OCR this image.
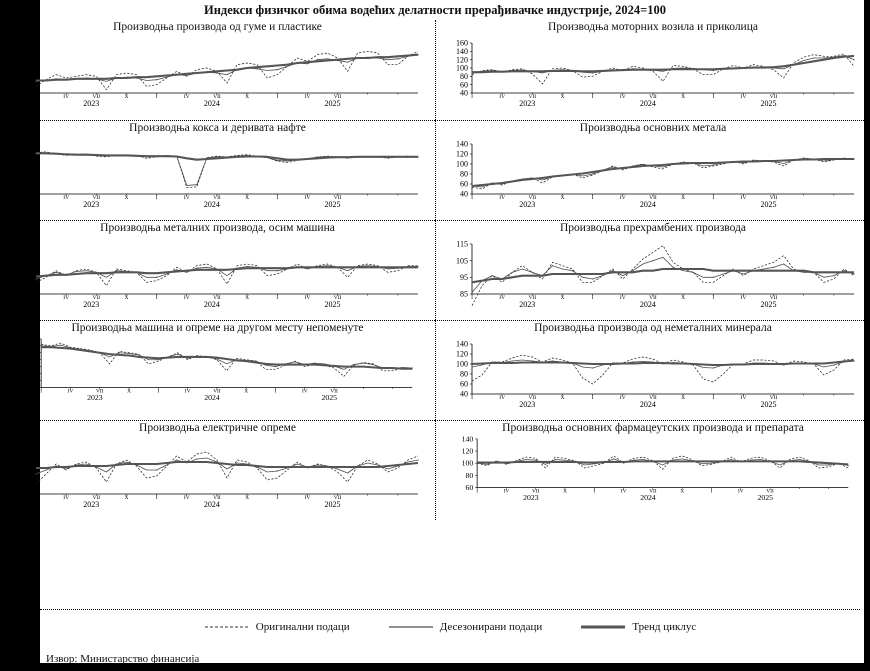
Индекси физичког обима водећих делатности прерађивачке индустрије, 2024=100
Производња производа од гуме и пластике
70
80
90
100
110
120
130
I	IV	VII	X	I	IV	VII	X	I	IV	VII
2023	2024	2025
Производња моторних возила и приколица
40
60
80
100
120
140
160
I	IV	VII	X	I	IV	VII	X	I	IV	VII
2023	2024	2025
Производња кокса и деривата нафте
0
20
40
60
80
100
120
140
I	IV	VII	X	I	IV	VII	X	I	IV	VII
2023	2024	2025
Производња основних метала
40
60
80
100
120
140
I	IV	VII	X	I	IV	VII	X	I	IV	VII
2023	2024	2025
Производња металних производа, осим машина
70
80
90
100
110
120
130
I	IV	VII	X	I	IV	VII	X	I	IV	VII
2023	2024	2025
Производња прехрамбених производа
85
95
105
115
I	IV	VII	X	I	IV	VII	X	I	IV	VII
2023	2024	2025
Производња машина и опреме на другом месту непоменуте
60
70
80
90
100
110
120
130
I	IV	VII	X	I	IV	VII	X	I	IV	VII
2023	2024	2025
Производња производа од неметалних минерала
40
60
80
100
120
140
I	IV	VII	X	I	IV	VII	X	I	IV	VII
2023	2024	2025
Производња електричне опреме
70
80
90
100
110
120
I	IV	VII	X	I	IV	VII	X	I	IV	VII
2023	2024	2025
Производња основних фармацеутских производа и препарата
60
80
100
120
140
I	IV	VII	X	I	IV	VII	X	I	IV	VII
2023	2024	2025
Оригинални подаци	Десезонирани подаци	Тренд циклус
Извор: Министарство финансија
